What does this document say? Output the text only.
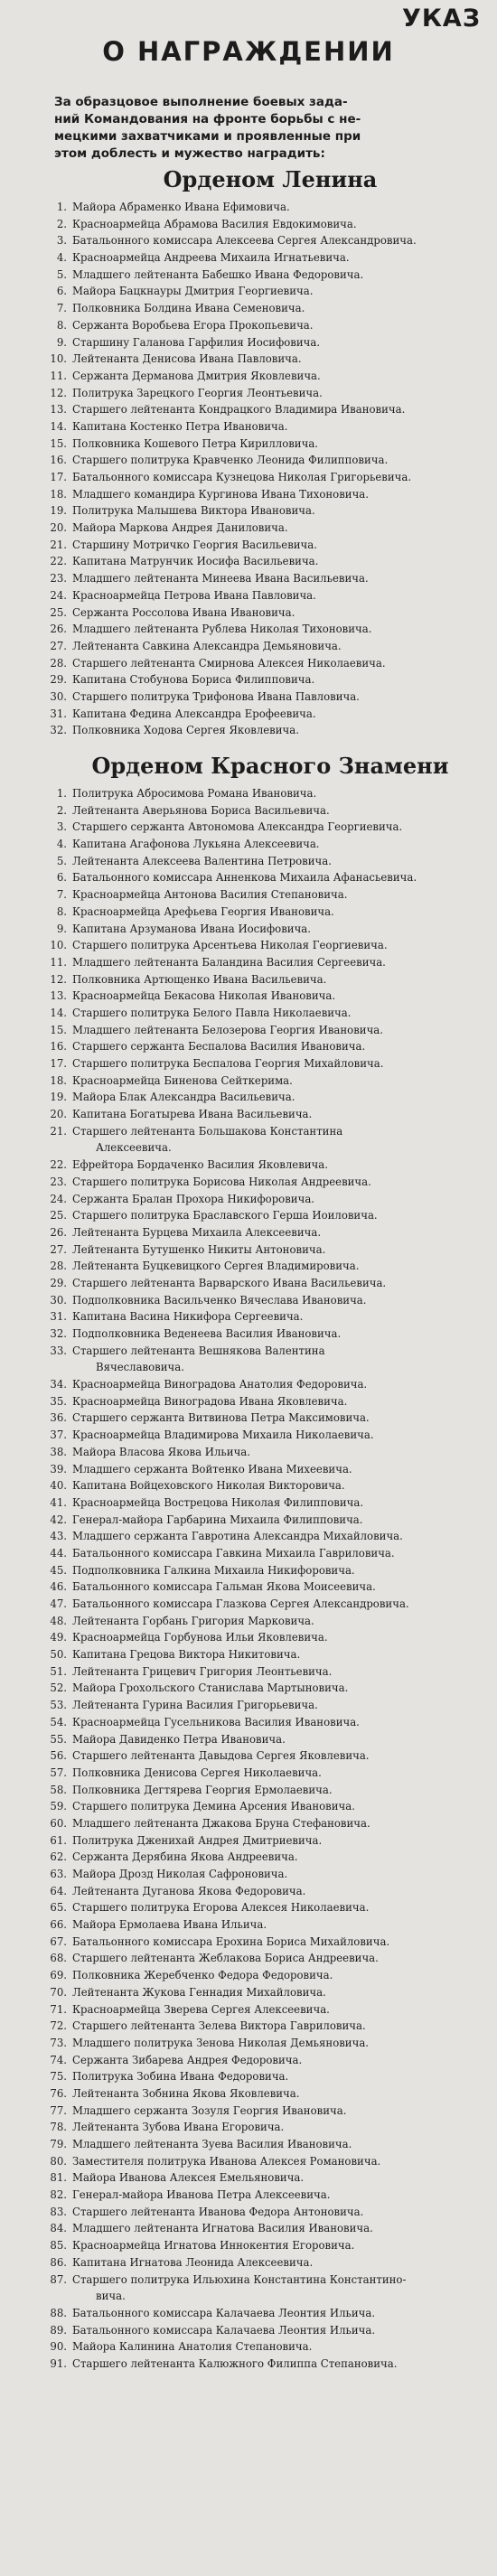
УКАЗ
О НАГРАЖДЕНИИ
За образцовое выполнение боевых зада-
ний Командования на фронте борьбы с не-
мецкими захватчиками и проявленные при
этом доблесть и мужество наградить:
Орденом Ленина
1. Майора Абраменко Ивана Ефимовича.
2. Красноармейца Абрамова Василия Евдокимовича.
3. Батальонного комиссара Алексеева Сергея Александровича.
4. Красноармейца Андреева Михаила Игнатьевича.
5. Младшего лейтенанта Бабешко Ивана Федоровича.
6. Майора Бацкнауры Дмитрия Георгиевича.
7. Полковника Болдина Ивана Семеновича.
8. Сержанта Воробьева Егора Прокопьевича.
9. Старшину Галанова Гарфилия Иосифовича.
10. Лейтенанта Денисова Ивана Павловича.
11. Сержанта Дерманова Дмитрия Яковлевича.
12. Политрука Зарецкого Георгия Леонтьевича.
13. Старшего лейтенанта Кондрацкого Владимира Ивановича.
14. Капитана Костенко Петра Ивановича.
15. Полковника Кошевого Петра Кирилловича.
16. Старшего политрука Кравченко Леонида Филипповича.
17. Батальонного комиссара Кузнецова Николая Григорьевича.
18. Младшего командира Кургинова Ивана Тихоновича.
19. Политрука Малышева Виктора Ивановича.
20. Майора Маркова Андрея Даниловича.
21. Старшину Мотричко Георгия Васильевича.
22. Капитана Матрунчик Иосифа Васильевича.
23. Младшего лейтенанта Минеева Ивана Васильевича.
24. Красноармейца Петрова Ивана Павловича.
25. Сержанта Россолова Ивана Ивановича.
26. Младшего лейтенанта Рублева Николая Тихоновича.
27. Лейтенанта Савкина Александра Демьяновича.
28. Старшего лейтенанта Смирнова Алексея Николаевича.
29. Капитана Стобунова Бориса Филипповича.
30. Старшего политрука Трифонова Ивана Павловича.
31. Капитана Федина Александра Ерофеевича.
32. Полковника Ходова Сергея Яковлевича.
Орденом Красного Знамени
1. Политрука Абросимова Романа Ивановича.
2. Лейтенанта Аверьянова Бориса Васильевича.
3. Старшего сержанта Автономова Александра Георгиевича.
4. Капитана Агафонова Лукьяна Алексеевича.
5. Лейтенанта Алексеева Валентина Петровича.
6. Батальонного комиссара Анненкова Михаила Афанасьевича.
7. Красноармейца Антонова Василия Степановича.
8. Красноармейца Арефьева Георгия Ивановича.
9. Капитана Арзуманова Ивана Иосифовича.
10. Старшего политрука Арсентьева Николая Георгиевича.
11. Младшего лейтенанта Баландина Василия Сергеевича.
12. Полковника Артющенко Ивана Васильевича.
13. Красноармейца Бекасова Николая Ивановича.
14. Старшего политрука Белого Павла Николаевича.
15. Младшего лейтенанта Белозерова Георгия Ивановича.
16. Старшего сержанта Беспалова Василия Ивановича.
17. Старшего политрука Беспалова Георгия Михайловича.
18. Красноармейца Биненова Сейткерима.
19. Майора Блак Александра Васильевича.
20. Капитана Богатырева Ивана Васильевича.
21. Старшего лейтенанта Большакова Константина
Алексеевича.
22. Ефрейтора Бордаченко Василия Яковлевича.
23. Старшего политрука Борисова Николая Андреевича.
24. Сержанта Бралан Прохора Никифоровича.
25. Старшего политрука Браславского Герша Иоиловича.
26. Лейтенанта Бурцева Михаила Алексеевича.
27. Лейтенанта Бутушенко Никиты Антоновича.
28. Лейтенанта Буцкевицкого Сергея Владимировича.
29. Старшего лейтенанта Варварского Ивана Васильевича.
30. Подполковника Васильченко Вячеслава Ивановича.
31. Капитана Васина Никифора Сергеевича.
32. Подполковника Веденеева Василия Ивановича.
33. Старшего лейтенанта Вешнякова Валентина
Вячеславовича.
34. Красноармейца Виноградова Анатолия Федоровича.
35. Красноармейца Виноградова Ивана Яковлевича.
36. Старшего сержанта Витвинова Петра Максимовича.
37. Красноармейца Владимирова Михаила Николаевича.
38. Майора Власова Якова Ильича.
39. Младшего сержанта Войтенко Ивана Михеевича.
40. Капитана Войцеховского Николая Викторовича.
41. Красноармейца Вострецова Николая Филипповича.
42. Генерал-майора Гарбарина Михаила Филипповича.
43. Младшего сержанта Гавротина Александра Михайловича.
44. Батальонного комиссара Гавкина Михаила Гавриловича.
45. Подполковника Галкина Михаила Никифоровича.
46. Батальонного комиссара Гальман Якова Моисеевича.
47. Батальонного комиссара Глазкова Сергея Александровича.
48. Лейтенанта Горбань Григория Марковича.
49. Красноармейца Горбунова Ильи Яковлевича.
50. Капитана Грецова Виктора Никитовича.
51. Лейтенанта Грицевич Григория Леонтьевича.
52. Майора Грохольского Станислава Мартыновича.
53. Лейтенанта Гурина Василия Григорьевича.
54. Красноармейца Гусельникова Василия Ивановича.
55. Майора Давиденко Петра Ивановича.
56. Старшего лейтенанта Давыдова Сергея Яковлевича.
57. Полковника Денисова Сергея Николаевича.
58. Полковника Дегтярева Георгия Ермолаевича.
59. Старшего политрука Демина Арсения Ивановича.
60. Младшего лейтенанта Джакова Бруна Стефановича.
61. Политрука Дженихай Андрея Дмитриевича.
62. Сержанта Дерябина Якова Андреевича.
63. Майора Дрозд Николая Сафроновича.
64. Лейтенанта Дуганова Якова Федоровича.
65. Старшего политрука Егорова Алексея Николаевича.
66. Майора Ермолаева Ивана Ильича.
67. Батальонного комиссара Ерохина Бориса Михайловича.
68. Старшего лейтенанта Жеблакова Бориса Андреевича.
69. Полковника Жеребченко Федора Федоровича.
70. Лейтенанта Жукова Геннадия Михайловича.
71. Красноармейца Зверева Сергея Алексеевича.
72. Старшего лейтенанта Зелева Виктора Гавриловича.
73. Младшего политрука Зенова Николая Демьяновича.
74. Сержанта Зибарева Андрея Федоровича.
75. Политрука Зобина Ивана Федоровича.
76. Лейтенанта Зобнина Якова Яковлевича.
77. Младшего сержанта Зозуля Георгия Ивановича.
78. Лейтенанта Зубова Ивана Егоровича.
79. Младшего лейтенанта Зуева Василия Ивановича.
80. Заместителя политрука Иванова Алексея Романовича.
81. Майора Иванова Алексея Емельяновича.
82. Генерал-майора Иванова Петра Алексеевича.
83. Старшего лейтенанта Иванова Федора Антоновича.
84. Младшего лейтенанта Игнатова Василия Ивановича.
85. Красноармейца Игнатова Иннокентия Егоровича.
86. Капитана Игнатова Леонида Алексеевича.
87. Старшего политрука Ильюхина Константина Константино-
вича.
88. Батальонного комиссара Калачаева Леонтия Ильича.
89. Батальонного комиссара Калачаева Леонтия Ильича.
90. Майора Калинина Анатолия Степановича.
91. Старшего лейтенанта Калюжного Филиппа Степановича.
